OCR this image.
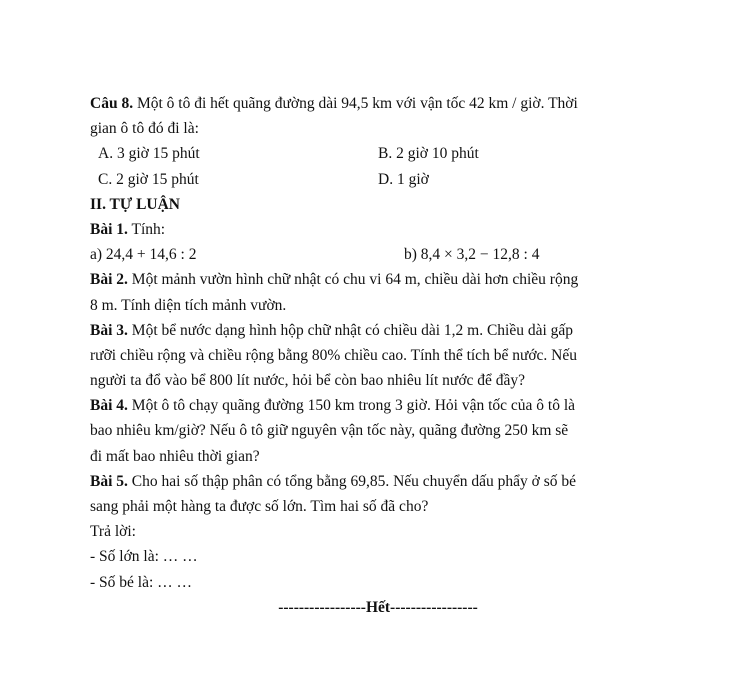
Câu 8. Một ô tô đi hết quãng đường dài 94,5 km với vận tốc 42 km / giờ. Thời
gian ô tô đó đi là:
A. 3 giờ 15 phút	B. 2 giờ 10 phút
C. 2 giờ 15 phút	D. 1 giờ
II. TỰ LUẬN
Bài 1. Tính:
a) 24,4 + 14,6 : 2	b) 8,4 × 3,2 − 12,8 : 4
Bài 2. Một mảnh vườn hình chữ nhật có chu vi 64 m, chiều dài hơn chiều rộng
8 m. Tính diện tích mảnh vườn.
Bài 3. Một bể nước dạng hình hộp chữ nhật có chiều dài 1,2 m. Chiều dài gấp
rưỡi chiều rộng và chiều rộng bằng 80% chiều cao. Tính thể tích bể nước. Nếu
người ta đổ vào bể 800 lít nước, hỏi bể còn bao nhiêu lít nước để đầy?
Bài 4. Một ô tô chạy quãng đường 150 km trong 3 giờ. Hỏi vận tốc của ô tô là
bao nhiêu km/giờ? Nếu ô tô giữ nguyên vận tốc này, quãng đường 250 km sẽ
đi mất bao nhiêu thời gian?
Bài 5. Cho hai số thập phân có tổng bằng 69,85. Nếu chuyển dấu phẩy ở số bé
sang phải một hàng ta được số lớn. Tìm hai số đã cho?
Trả lời:
- Số lớn là: … …
- Số bé là: … …
-----------------Hết-----------------
